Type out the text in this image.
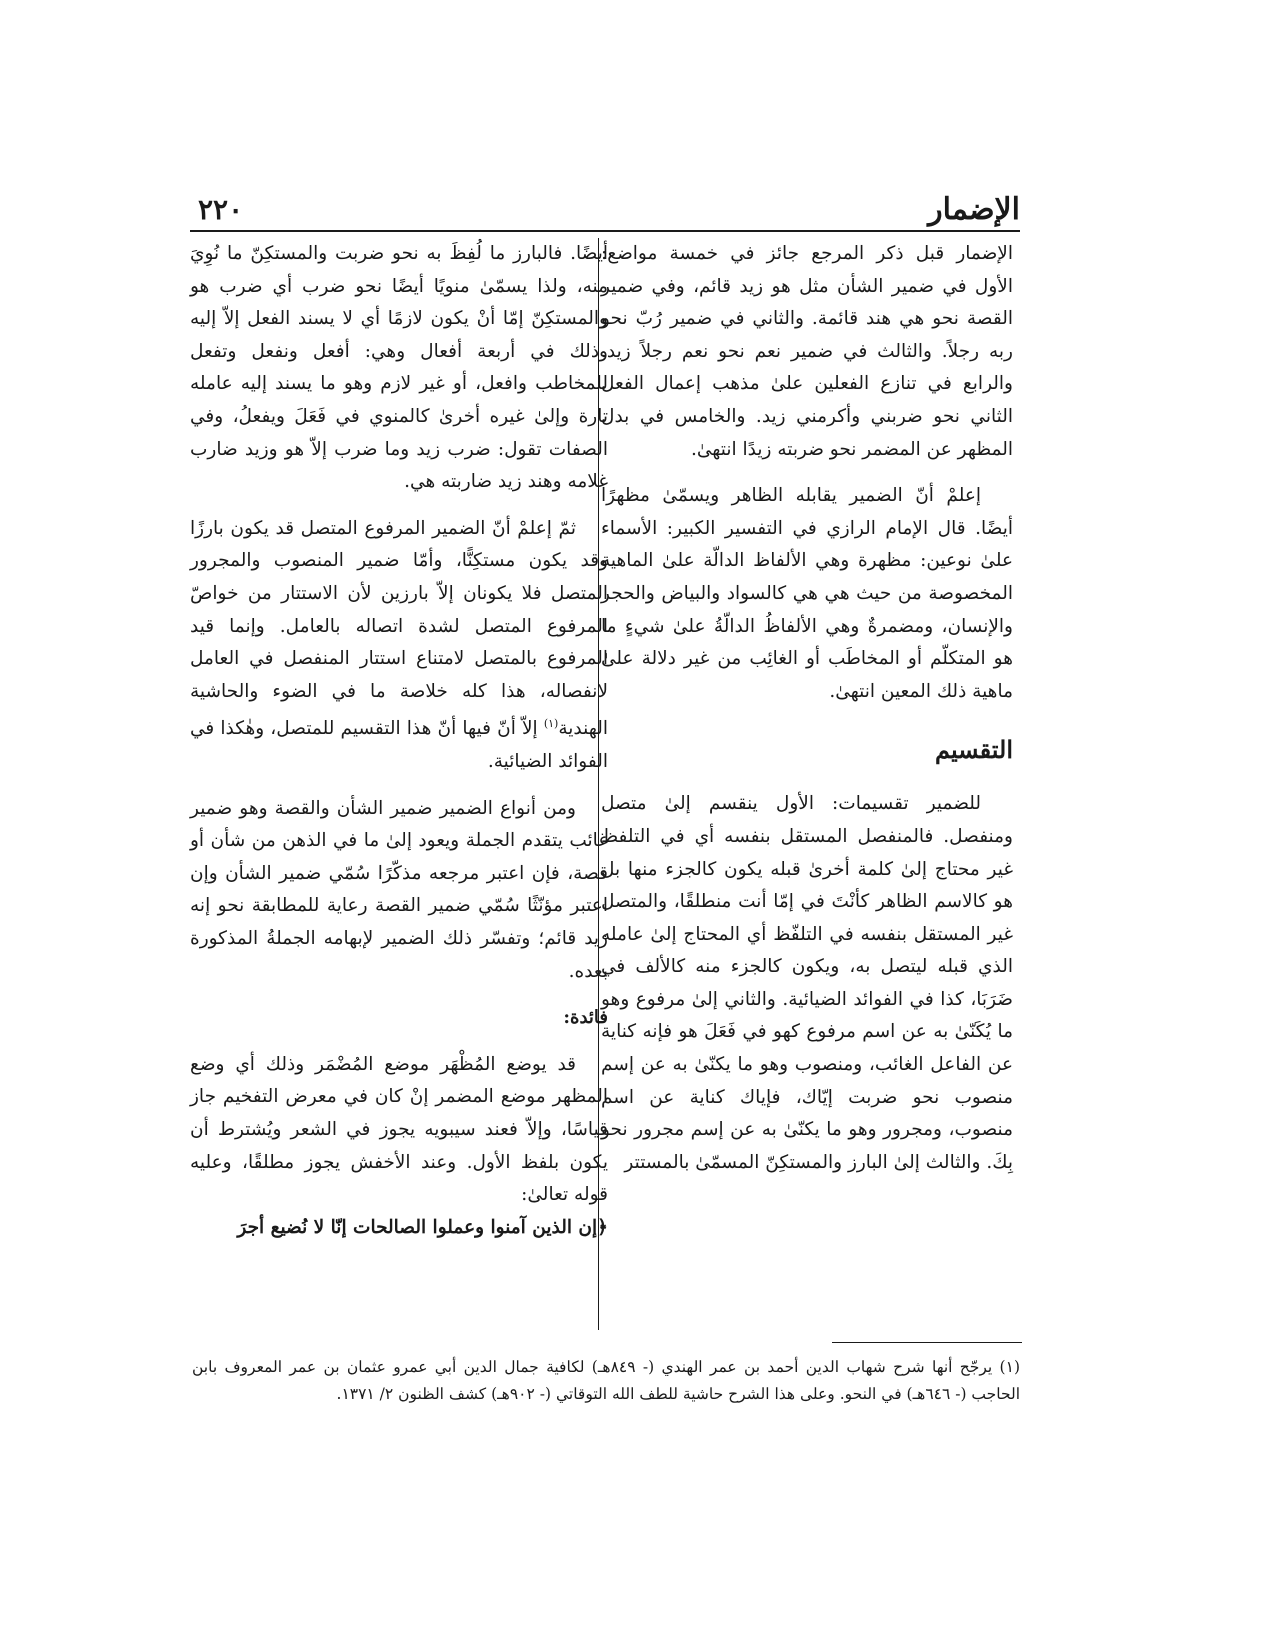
الإضمار
٢٢٠

الإضمار قبل ذكر المرجع جائز في خمسة مواضع: الأول في ضمير الشأن مثل هو زيد قائم، وفي ضمير القصة نحو هي هند قائمة. والثاني في ضمير رُبّ نحو ربه رجلاً. والثالث في ضمير نعم نحو نعم رجلاً زيد. والرابع في تنازع الفعلين علىٰ مذهب إعمال الفعل الثاني نحو ضربني وأكرمني زيد. والخامس في بدل المظهر عن المضمر نحو ضربته زيدًا انتهىٰ.

إعلمْ أنّ الضمير يقابله الظاهر ويسمّىٰ مظهرًا أيضًا. قال الإمام الرازي في التفسير الكبير: الأسماء علىٰ نوعين: مظهرة وهي الألفاظ الدالّة علىٰ الماهية المخصوصة من حيث هي هي كالسواد والبياض والحجر والإنسان، ومضمرةٌ وهي الألفاظُ الدالّةُ علىٰ شيءٍ ما هو المتكلّم أو المخاطَب أو الغائِب من غير دلالة علىٰ ماهية ذلك المعين انتهىٰ.

التقسيم

للضمير تقسيمات: الأول ينقسم إلىٰ متصل ومنفصل. فالمنفصل المستقل بنفسه أي في التلفظ غير محتاج إلىٰ كلمة أخرىٰ قبله يكون كالجزء منها بل هو كالاسم الظاهر كأنْتَ في إمّا أنت منطلقًا، والمتصل غير المستقل بنفسه في التلفّظ أي المحتاج إلىٰ عامله الذي قبله ليتصل به، ويكون كالجزء منه كالألف في ضَرَبَا، كذا في الفوائد الضيائية. والثاني إلىٰ مرفوع وهو ما يُكَنّىٰ به عن اسم مرفوع كهو في فَعَلَ هو فإنه كناية عن الفاعل الغائب، ومنصوب وهو ما يكنّىٰ به عن إسم منصوب نحو ضربت إيّاك، فإياك كناية عن اسم منصوب، ومجرور وهو ما يكنّىٰ به عن إسم مجرور نحو بِكَ. والثالث إلىٰ البارز والمستكِنّ المسمّىٰ بالمستتر

أيضًا. فالبارز ما لُفِظَ به نحو ضربت والمستكِنّ ما نُوِيَ منه، ولذا يسمّىٰ منويًا أيضًا نحو ضرب أي ضرب هو والمستكِنّ إمّا أنْ يكون لازمًا أي لا يسند الفعل إلاّ إليه وذلك في أربعة أفعال وهي: أفعل ونفعل وتفعل للمخاطب وافعل، أو غير لازم وهو ما يسند إليه عامله تارة وإلىٰ غيره أخرىٰ كالمنوي في فَعَلَ ويفعلُ، وفي الصفات تقول: ضرب زيد وما ضرب إلاّ هو وزيد ضارب غلامه وهند زيد ضاربته هي.

ثمّ إعلمْ أنّ الضمير المرفوع المتصل قد يكون بارزًا وقد يكون مستكِنًّا، وأمّا ضمير المنصوب والمجرور المتصل فلا يكونان إلاّ بارزين لأن الاستتار من خواصّ المرفوع المتصل لشدة اتصاله بالعامل. وإنما قيد المرفوع بالمتصل لامتناع استتار المنفصل في العامل لانفصاله، هذا كله خلاصة ما في الضوء والحاشية الهندية$^{(١)}$ إلاّ أنّ فيها أنّ هذا التقسيم للمتصل، وهٰكذا في الفوائد الضيائية.

ومن أنواع الضمير ضمير الشأن والقصة وهو ضمير غائب يتقدم الجملة ويعود إلىٰ ما في الذهن من شأن أو قصة، فإن اعتبر مرجعه مذكّرًا سُمّي ضمير الشأن وإن اعتبر مؤنّثًا سُمّي ضمير القصة رعاية للمطابقة نحو إنه زيد قائم؛ وتفسّر ذلك الضمير لإبهامه الجملةُ المذكورة بعده.

فائدة:

قد يوضع المُظْهَر موضع المُضْمَر وذلك أي وضع المظهر موضع المضمر إنْ كان في معرض التفخيم جاز قياسًا، وإلاّ فعند سيبويه يجوز في الشعر ويُشترط أن يكون بلفظ الأول. وعند الأخفش يجوز مطلقًا، وعليه قوله تعالىٰ:
﴿إن الذين آمنوا وعملوا الصالحات إنّا لا نُضيع أجرَ

(١) يرجّح أنها شرح شهاب الدين أحمد بن عمر الهندي (- ٨٤٩هـ) لكافية جمال الدين أبي عمرو عثمان بن عمر المعروف بابن الحاجب (- ٦٤٦هـ) في النحو. وعلى هذا الشرح حاشية للطف الله التوقاتي (- ٩٠٢هـ) كشف الظنون ٢/ ١٣٧١.
